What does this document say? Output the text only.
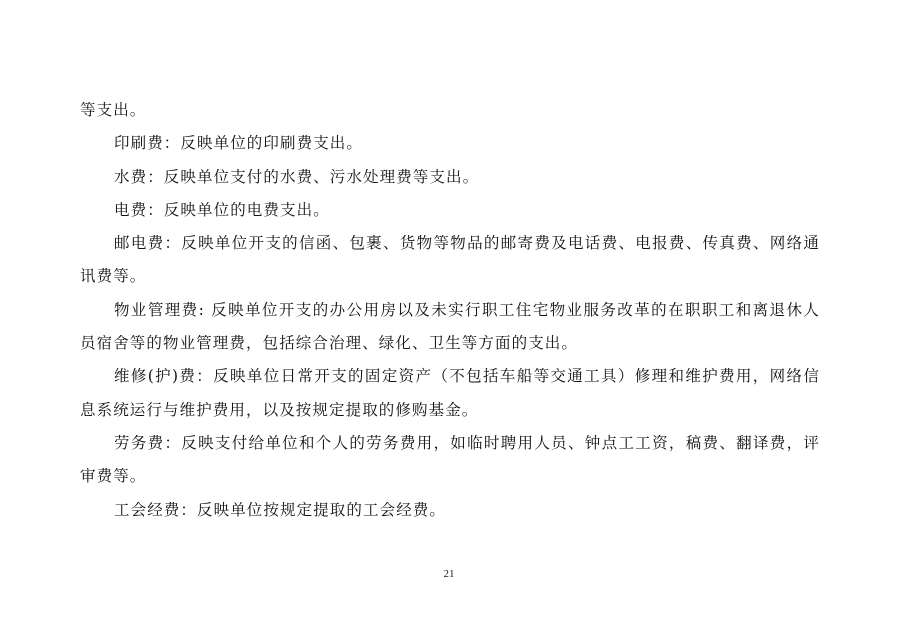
等支出。

印刷费：反映单位的印刷费支出。

水费：反映单位支付的水费、污水处理费等支出。

电费：反映单位的电费支出。

邮电费：反映单位开支的信函、包裹、货物等物品的邮寄费及电话费、电报费、传真费、网络通讯费等。

物业管理费: 反映单位开支的办公用房以及未实行职工住宅物业服务改革的在职职工和离退休人员宿舍等的物业管理费，包括综合治理、绿化、卫生等方面的支出。

维修(护)费：反映单位日常开支的固定资产（不包括车船等交通工具）修理和维护费用，网络信息系统运行与维护费用，以及按规定提取的修购基金。

劳务费：反映支付给单位和个人的劳务费用，如临时聘用人员、钟点工工资，稿费、翻译费，评审费等。

工会经费：反映单位按规定提取的工会经费。

21
